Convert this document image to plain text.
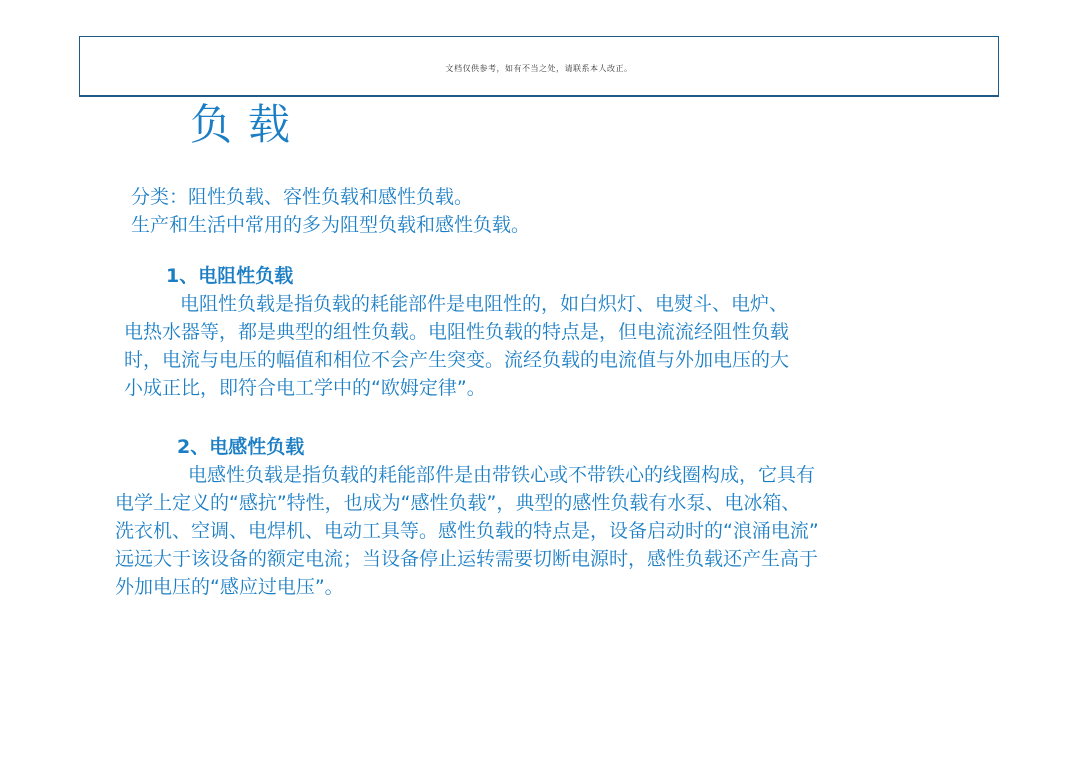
文档仅供参考，如有不当之处，请联系本人改正。
负载
分类：阻性负载、容性负载和感性负载。
生产和生活中常用的多为阻型负载和感性负载。
1、电阻性负载
电阻性负载是指负载的耗能部件是电阻性的，如白炽灯、电熨斗、电炉、
电热水器等，都是典型的组性负载。电阻性负载的特点是，但电流流经阻性负载
时，电流与电压的幅值和相位不会产生突变。流经负载的电流值与外加电压的大
小成正比，即符合电工学中的“欧姆定律”。
2、电感性负载
电感性负载是指负载的耗能部件是由带铁心或不带铁心的线圈构成，它具有
电学上定义的“感抗”特性，也成为“感性负载”，典型的感性负载有水泵、电冰箱、
洗衣机、空调、电焊机、电动工具等。感性负载的特点是，设备启动时的“浪涌电流”
远远大于该设备的额定电流；当设备停止运转需要切断电源时，感性负载还产生高于
外加电压的“感应过电压”。
